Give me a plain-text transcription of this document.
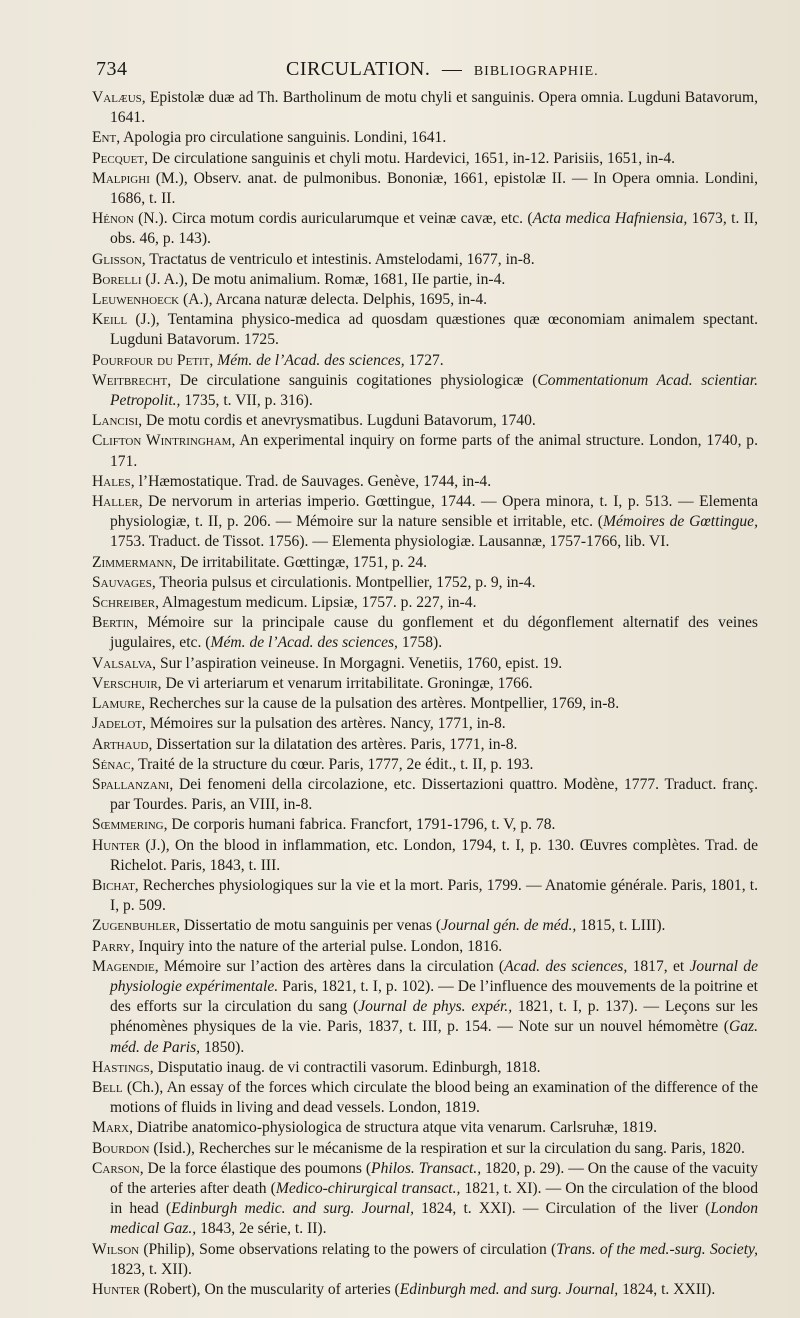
734	CIRCULATION. — BIBLIOGRAPHIE.

Valæus, Epistolæ duæ ad Th. Bartholinum de motu chyli et sanguinis. Opera omnia. Lugduni Batavorum, 1641.

Ent, Apologia pro circulatione sanguinis. Londini, 1641.

Pecquet, De circulatione sanguinis et chyli motu. Hardevici, 1651, in-12. Parisiis, 1651, in-4.

Malpighi (M.), Observ. anat. de pulmonibus. Bononiæ, 1661, epistolæ II. — In Opera omnia. Londini, 1686, t. II.

Hénon (N.). Circa motum cordis auricularumque et veinæ cavæ, etc. (Acta medica Hafniensia, 1673, t. II, obs. 46, p. 143).

Glisson, Tractatus de ventriculo et intestinis. Amstelodami, 1677, in-8.

Borelli (J. A.), De motu animalium. Romæ, 1681, IIe partie, in-4.

Leuwenhoeck (A.), Arcana naturæ delecta. Delphis, 1695, in-4.

Keill (J.), Tentamina physico-medica ad quosdam quæstiones quæ œconomiam animalem spectant. Lugduni Batavorum. 1725.

Pourfour du Petit, Mém. de l’Acad. des sciences, 1727.

Weitbrecht, De circulatione sanguinis cogitationes physiologicæ (Commentationum Acad. scientiar. Petropolit., 1735, t. VII, p. 316).

Lancisi, De motu cordis et anevrysmatibus. Lugduni Batavorum, 1740.

Clifton Wintringham, An experimental inquiry on forme parts of the animal structure. London, 1740, p. 171.

Hales, l’Hæmostatique. Trad. de Sauvages. Genève, 1744, in-4.

Haller, De nervorum in arterias imperio. Gœttingue, 1744. — Opera minora, t. I, p. 513. — Elementa physiologiæ, t. II, p. 206. — Mémoire sur la nature sensible et irritable, etc. (Mémoires de Gœttingue, 1753. Traduct. de Tissot. 1756). — Elementa physiologiæ. Lausannæ, 1757-1766, lib. VI.

Zimmermann, De irritabilitate. Gœttingæ, 1751, p. 24.

Sauvages, Theoria pulsus et circulationis. Montpellier, 1752, p. 9, in-4.

Schreiber, Almagestum medicum. Lipsiæ, 1757. p. 227, in-4.

Bertin, Mémoire sur la principale cause du gonflement et du dégonflement alternatif des veines jugulaires, etc. (Mém. de l’Acad. des sciences, 1758).

Valsalva, Sur l’aspiration veineuse. In Morgagni. Venetiis, 1760, epist. 19.

Verschuir, De vi arteriarum et venarum irritabilitate. Groningæ, 1766.

Lamure, Recherches sur la cause de la pulsation des artères. Montpellier, 1769, in-8.

Jadelot, Mémoires sur la pulsation des artères. Nancy, 1771, in-8.

Arthaud, Dissertation sur la dilatation des artères. Paris, 1771, in-8.

Sénac, Traité de la structure du cœur. Paris, 1777, 2e édit., t. II, p. 193.

Spallanzani, Dei fenomeni della circolazione, etc. Dissertazioni quattro. Modène, 1777. Traduct. franç. par Tourdes. Paris, an VIII, in-8.

Sœmmering, De corporis humani fabrica. Francfort, 1791-1796, t. V, p. 78.

Hunter (J.), On the blood in inflammation, etc. London, 1794, t. I, p. 130. Œuvres complètes. Trad. de Richelot. Paris, 1843, t. III.

Bichat, Recherches physiologiques sur la vie et la mort. Paris, 1799. — Anatomie générale. Paris, 1801, t. I, p. 509.

Zugenbuhler, Dissertatio de motu sanguinis per venas (Journal gén. de méd., 1815, t. LIII).

Parry, Inquiry into the nature of the arterial pulse. London, 1816.

Magendie, Mémoire sur l’action des artères dans la circulation (Acad. des sciences, 1817, et Journal de physiologie expérimentale. Paris, 1821, t. I, p. 102). — De l’influence des mouvements de la poitrine et des efforts sur la circulation du sang (Journal de phys. expér., 1821, t. I, p. 137). — Leçons sur les phénomènes physiques de la vie. Paris, 1837, t. III, p. 154. — Note sur un nouvel hémomètre (Gaz. méd. de Paris, 1850).

Hastings, Disputatio inaug. de vi contractili vasorum. Edinburgh, 1818.

Bell (Ch.), An essay of the forces which circulate the blood being an examination of the difference of the motions of fluids in living and dead vessels. London, 1819.

Marx, Diatribe anatomico-physiologica de structura atque vita venarum. Carlsruhæ, 1819.

Bourdon (Isid.), Recherches sur le mécanisme de la respiration et sur la circulation du sang. Paris, 1820.

Carson, De la force élastique des poumons (Philos. Transact., 1820, p. 29). — On the cause of the vacuity of the arteries after death (Medico-chirurgical transact., 1821, t. XI). — On the circulation of the blood in head (Edinburgh medic. and surg. Journal, 1824, t. XXI). — Circulation of the liver (London medical Gaz., 1843, 2e série, t. II).

Wilson (Philip), Some observations relating to the powers of circulation (Trans. of the med.-surg. Society, 1823, t. XII).

Hunter (Robert), On the muscularity of arteries (Edinburgh med. and surg. Journal, 1824, t. XXII).
